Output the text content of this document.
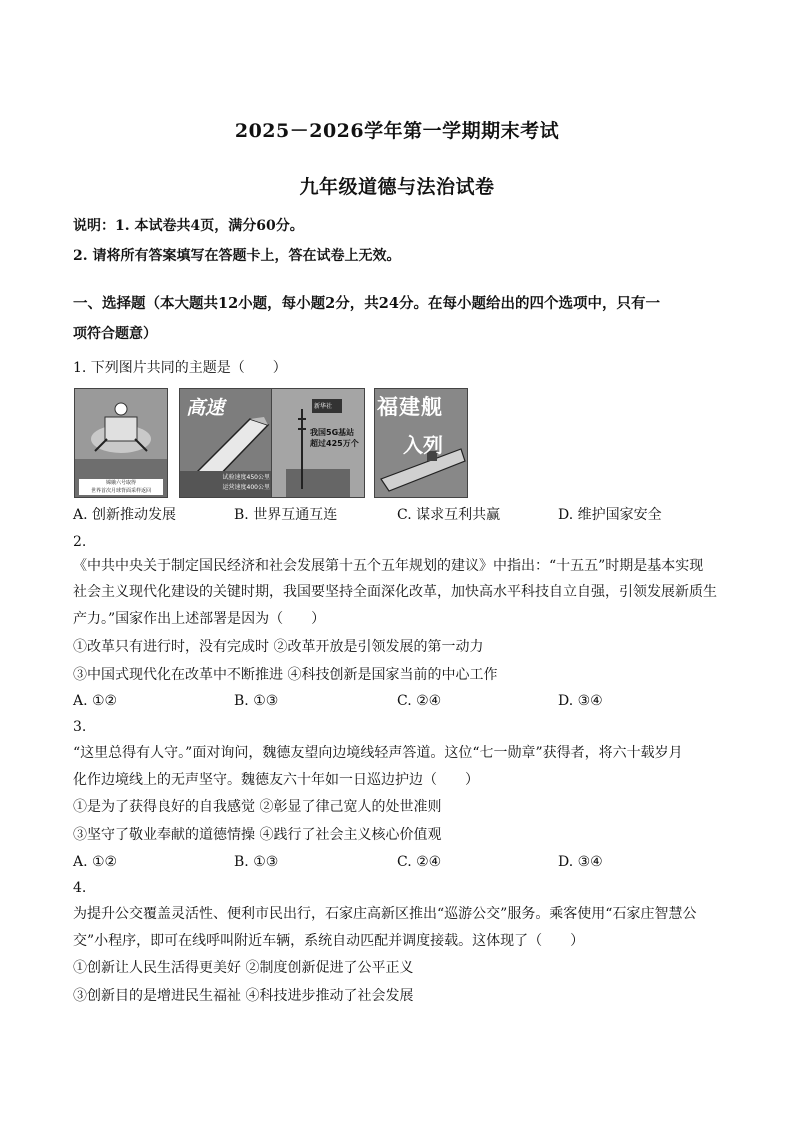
2025－2026学年第一学期期末考试
九年级道德与法治试卷
说明：1. 本试卷共4页，满分60分。
2. 请将所有答案填写在答题卡上，答在试卷上无效。
一、选择题（本大题共12小题，每小题2分，共24分。在每小题给出的四个选项中，只有一
项符合题意）
1. 下列图片共同的主题是（　　）
嫦娥六号取得
世界首次月球背面采样返回
高速
试验速度450公里
运营速度400公里
新华社
我国5G基站 超过425万个
福建舰
入列
A. 创新推动发展	B. 世界互通互连	C. 谋求互利共赢	D. 维护国家安全
2.
《中共中央关于制定国民经济和社会发展第十五个五年规划的建议》中指出：“十五五”时期是基本实现
社会主义现代化建设的关键时期，我国要坚持全面深化改革，加快高水平科技自立自强，引领发展新质生
产力。”国家作出上述部署是因为（　　）
①改革只有进行时，没有完成时 ②改革开放是引领发展的第一动力
③中国式现代化在改革中不断推进 ④科技创新是国家当前的中心工作
A. ①②	B. ①③	C. ②④	D. ③④
3.
“这里总得有人守。”面对询问，魏德友望向边境线轻声答道。这位“七一勋章”获得者，将六十载岁月
化作边境线上的无声坚守。魏德友六十年如一日巡边护边（　　）
①是为了获得良好的自我感觉 ②彰显了律己宽人的处世准则
③坚守了敬业奉献的道德情操 ④践行了社会主义核心价值观
A. ①②	B. ①③	C. ②④	D. ③④
4.
为提升公交覆盖灵活性、便利市民出行，石家庄高新区推出“巡游公交”服务。乘客使用“石家庄智慧公
交”小程序，即可在线呼叫附近车辆，系统自动匹配并调度接载。这体现了（　　）
①创新让人民生活得更美好 ②制度创新促进了公平正义
③创新目的是增进民生福祉 ④科技进步推动了社会发展
